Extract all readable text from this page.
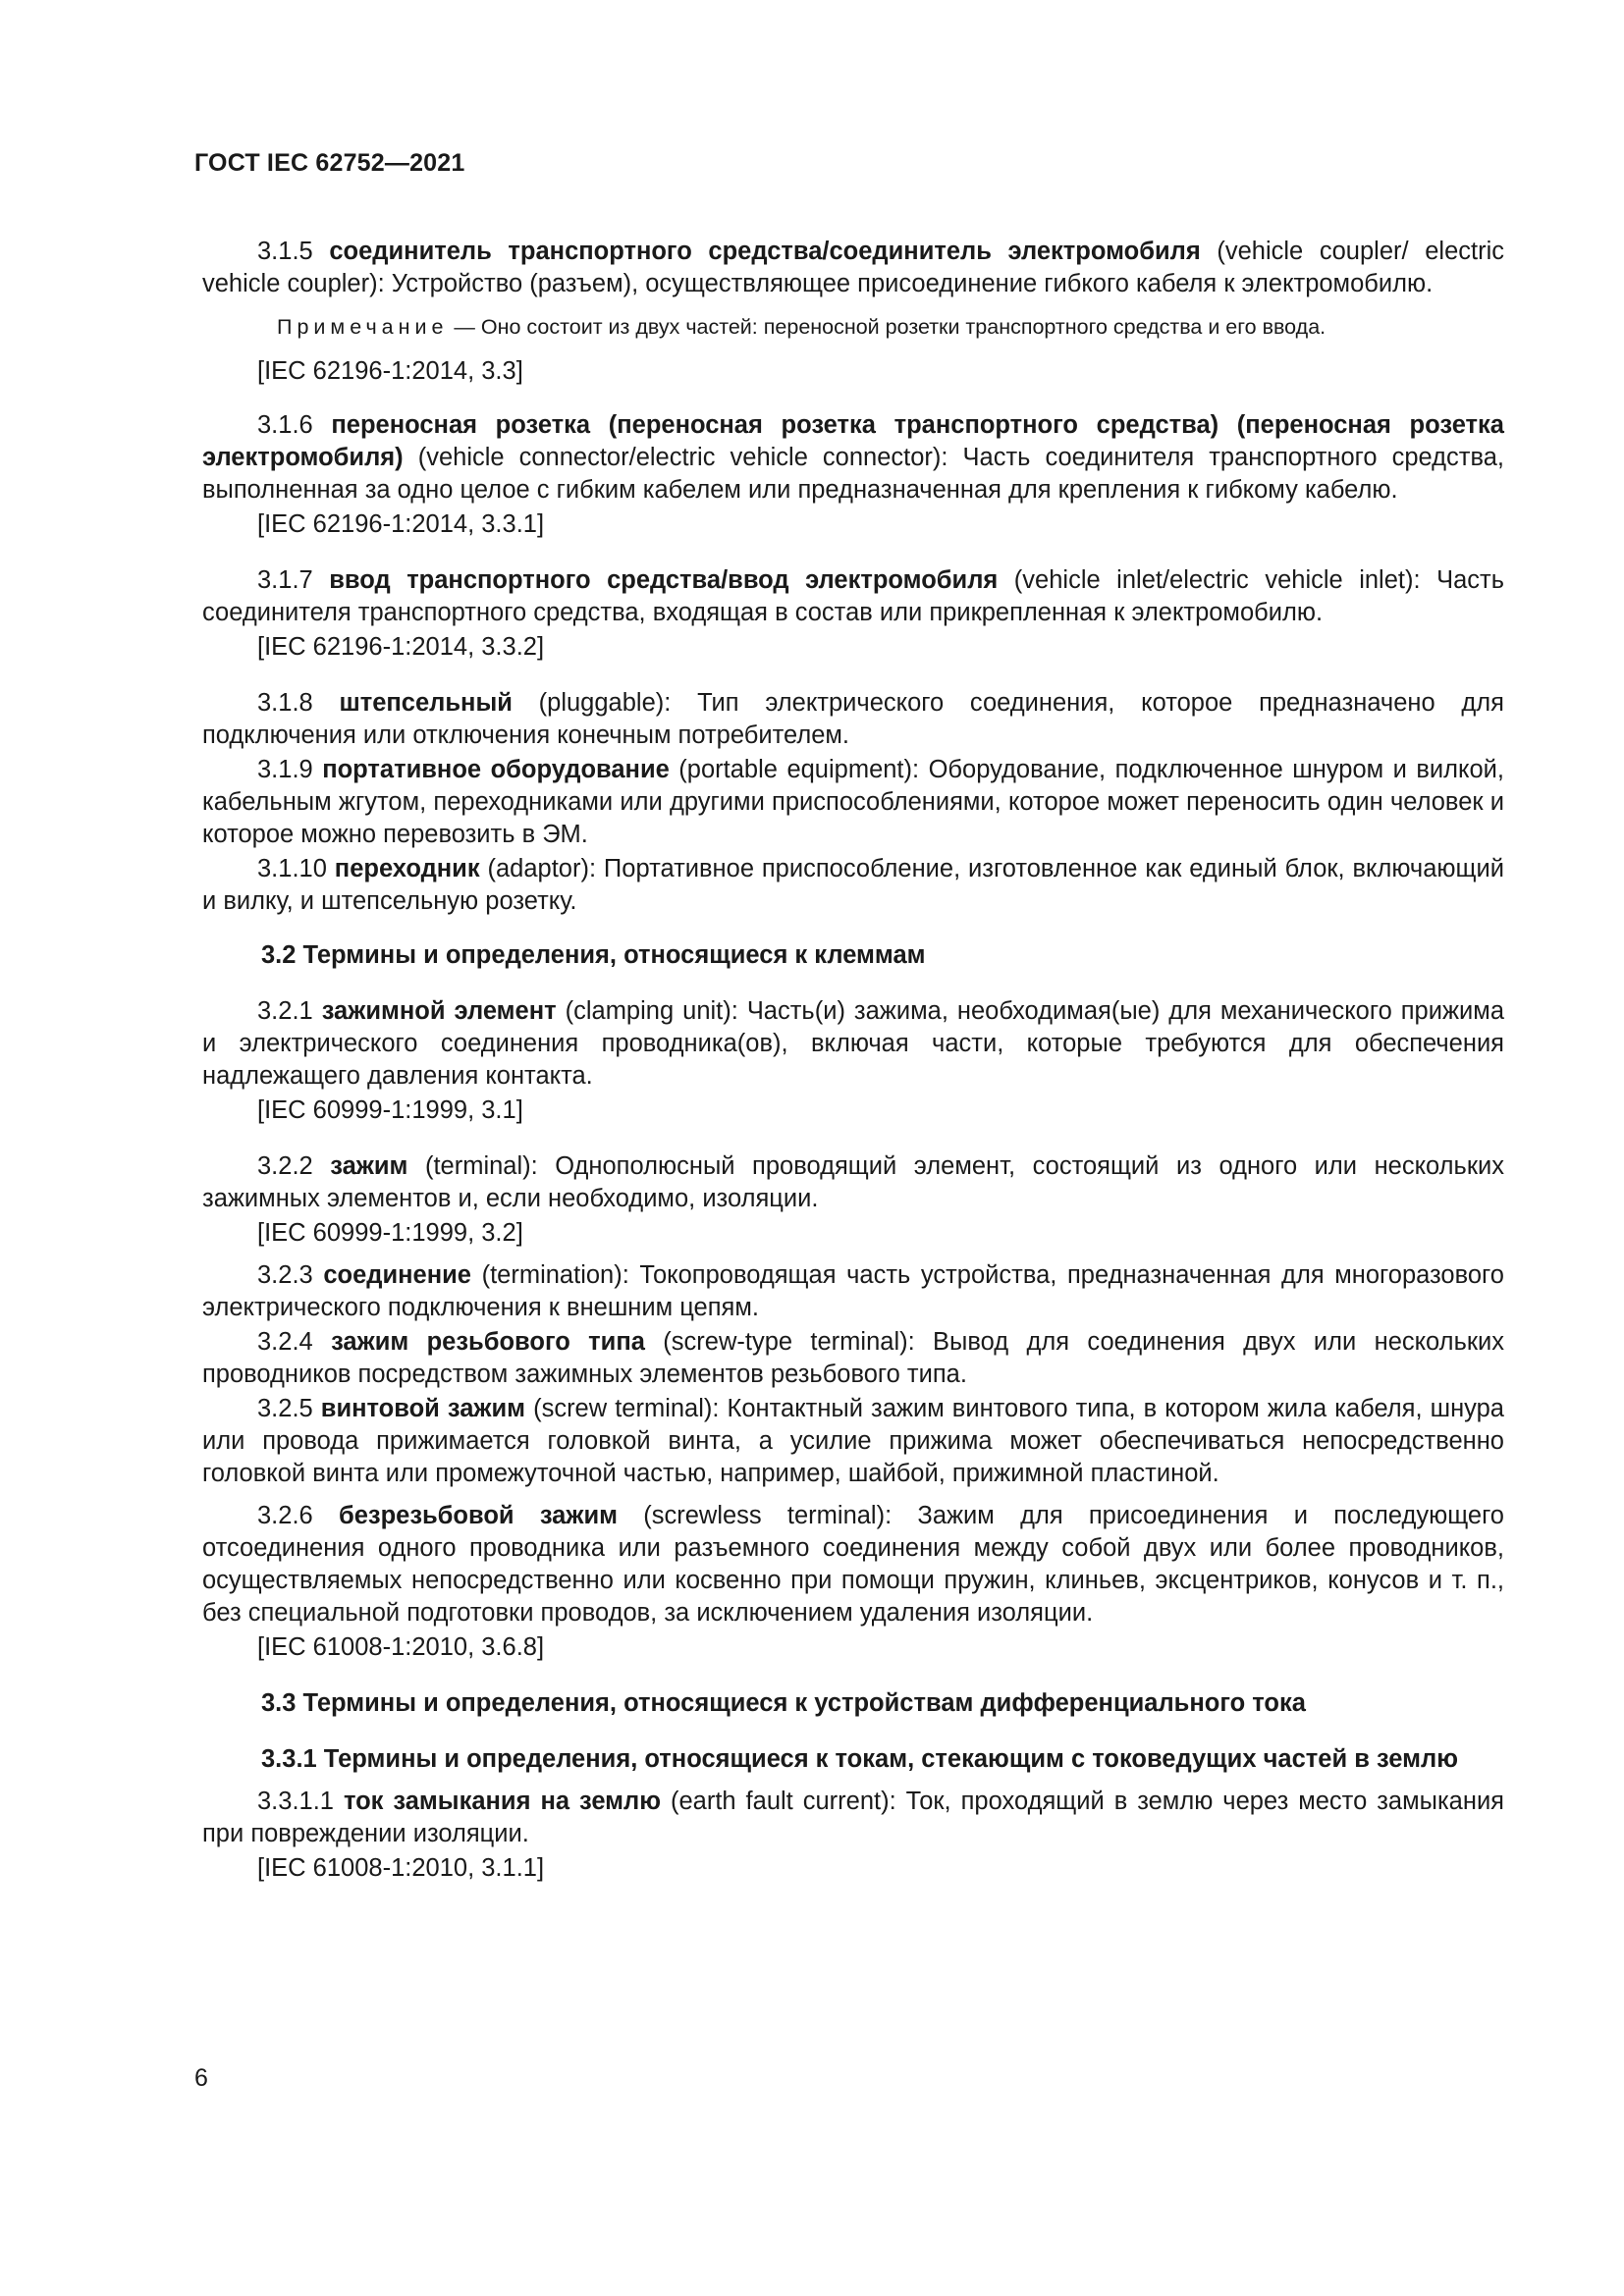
ГОСТ IEC 62752—2021

3.1.5 соединитель транспортного средства/соединитель электромобиля (vehicle coupler/ electric vehicle coupler): Устройство (разъем), осуществляющее присоединение гибкого кабеля к электромобилю.

Примечание — Оно состоит из двух частей: переносной розетки транспортного средства и его ввода.

[IEC 62196-1:2014, 3.3]

3.1.6 переносная розетка (переносная розетка транспортного средства) (переносная розетка электромобиля) (vehicle connector/electric vehicle connector): Часть соединителя транспортного средства, выполненная за одно целое с гибким кабелем или предназначенная для крепления к гибкому кабелю.

[IEC 62196-1:2014, 3.3.1]

3.1.7 ввод транспортного средства/ввод электромобиля (vehicle inlet/electric vehicle inlet): Часть соединителя транспортного средства, входящая в состав или прикрепленная к электромобилю.

[IEC 62196-1:2014, 3.3.2]

3.1.8 штепсельный (pluggable): Тип электрического соединения, которое предназначено для подключения или отключения конечным потребителем.

3.1.9 портативное оборудование (portable equipment): Оборудование, подключенное шнуром и вилкой, кабельным жгутом, переходниками или другими приспособлениями, которое может переносить один человек и которое можно перевозить в ЭМ.

3.1.10 переходник (adaptor): Портативное приспособление, изготовленное как единый блок, включающий и вилку, и штепсельную розетку.

3.2 Термины и определения, относящиеся к клеммам

3.2.1 зажимной элемент (clamping unit): Часть(и) зажима, необходимая(ые) для механического прижима и электрического соединения проводника(ов), включая части, которые требуются для обеспечения надлежащего давления контакта.

[IEC 60999-1:1999, 3.1]

3.2.2 зажим (terminal): Однополюсный проводящий элемент, состоящий из одного или нескольких зажимных элементов и, если необходимо, изоляции.

[IEC 60999-1:1999, 3.2]

3.2.3 соединение (termination): Токопроводящая часть устройства, предназначенная для многоразового электрического подключения к внешним цепям.

3.2.4 зажим резьбового типа (screw-type terminal): Вывод для соединения двух или нескольких проводников посредством зажимных элементов резьбового типа.

3.2.5 винтовой зажим (screw terminal): Контактный зажим винтового типа, в котором жила кабеля, шнура или провода прижимается головкой винта, а усилие прижима может обеспечиваться непосредственно головкой винта или промежуточной частью, например, шайбой, прижимной пластиной.

3.2.6 безрезьбовой зажим (screwless terminal): Зажим для присоединения и последующего отсоединения одного проводника или разъемного соединения между собой двух или более проводников, осуществляемых непосредственно или косвенно при помощи пружин, клиньев, эксцентриков, конусов и т. п., без специальной подготовки проводов, за исключением удаления изоляции.

[IEC 61008-1:2010, 3.6.8]

3.3 Термины и определения, относящиеся к устройствам дифференциального тока

3.3.1 Термины и определения, относящиеся к токам, стекающим с токоведущих частей в землю

3.3.1.1 ток замыкания на землю (earth fault current): Ток, проходящий в землю через место замыкания при повреждении изоляции.

[IEC 61008-1:2010, 3.1.1]

6
